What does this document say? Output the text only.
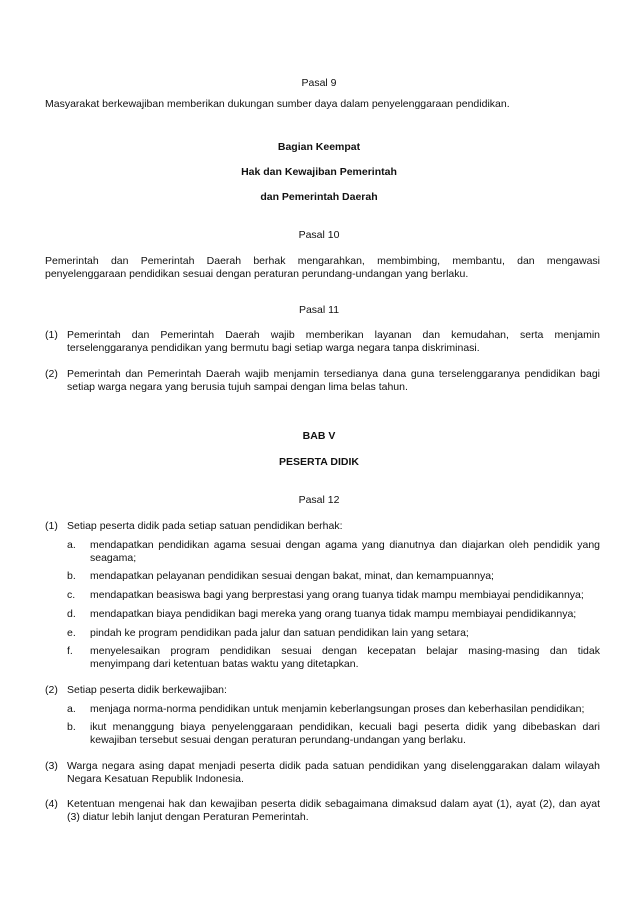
Pasal 9
Masyarakat berkewajiban memberikan dukungan sumber daya dalam penyelenggaraan pendidikan.
Bagian Keempat
Hak dan Kewajiban Pemerintah
dan Pemerintah Daerah
Pasal 10
Pemerintah dan Pemerintah Daerah berhak mengarahkan, membimbing, membantu, dan mengawasi
penyelenggaraan pendidikan sesuai dengan peraturan perundang-undangan yang berlaku.
Pasal 11
(1) Pemerintah dan Pemerintah Daerah wajib memberikan layanan dan kemudahan, serta menjamin
terselenggaranya pendidikan yang bermutu bagi setiap warga negara tanpa diskriminasi.
(2) Pemerintah dan Pemerintah Daerah wajib menjamin tersedianya dana guna terselenggaranya pendidikan bagi
setiap warga negara yang berusia tujuh sampai dengan lima belas tahun.
BAB V
PESERTA DIDIK
Pasal 12
(1) Setiap peserta didik pada setiap satuan pendidikan berhak:
a. mendapatkan pendidikan agama sesuai dengan agama yang dianutnya dan diajarkan oleh pendidik yang
seagama;
b. mendapatkan pelayanan pendidikan sesuai dengan bakat, minat, dan kemampuannya;
c. mendapatkan beasiswa bagi yang berprestasi yang orang tuanya tidak mampu membiayai pendidikannya;
d. mendapatkan biaya pendidikan bagi mereka yang orang tuanya tidak mampu membiayai pendidikannya;
e. pindah ke program pendidikan pada jalur dan satuan pendidikan lain yang setara;
f. menyelesaikan program pendidikan sesuai dengan kecepatan belajar masing-masing dan tidak
menyimpang dari ketentuan batas waktu yang ditetapkan.
(2) Setiap peserta didik berkewajiban:
a. menjaga norma-norma pendidikan untuk menjamin keberlangsungan proses dan keberhasilan pendidikan;
b. ikut menanggung biaya penyelenggaraan pendidikan, kecuali bagi peserta didik yang dibebaskan dari
kewajiban tersebut sesuai dengan peraturan perundang-undangan yang berlaku.
(3) Warga negara asing dapat menjadi peserta didik pada satuan pendidikan yang diselenggarakan dalam wilayah
Negara Kesatuan Republik Indonesia.
(4) Ketentuan mengenai hak dan kewajiban peserta didik sebagaimana dimaksud dalam ayat (1), ayat (2), dan ayat
(3) diatur lebih lanjut dengan Peraturan Pemerintah.
